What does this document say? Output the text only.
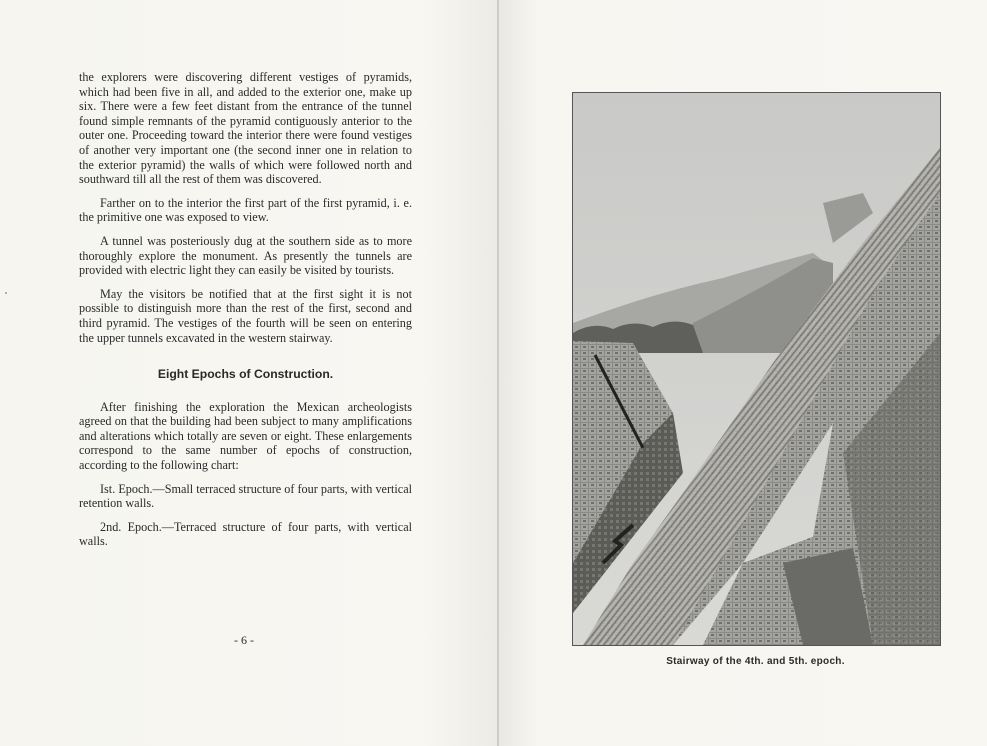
the explorers were discovering different vestiges of pyramids, which had been five in all, and added to the exterior one, make up six. There were a few feet distant from the entrance of the tunnel found simple remnants of the pyramid contiguously anterior to the outer one. Proceeding toward the interior there were found vestiges of another very important one (the second inner one in relation to the exterior pyramid) the walls of which were followed north and southward till all the rest of them was discovered.

Farther on to the interior the first part of the first pyramid, i. e. the primitive one was exposed to view.

A tunnel was posteriously dug at the southern side as to more thoroughly explore the monument. As presently the tunnels are provided with electric light they can easily be visited by tourists.

May the visitors be notified that at the first sight it is not possible to distinguish more than the rest of the first, second and third pyramid. The vestiges of the fourth will be seen on entering the upper tunnels excavated in the western stairway.

Eight Epochs of Construction.

After finishing the exploration the Mexican archeologists agreed on that the building had been subject to many amplifications and alterations which totally are seven or eight. These enlargements correspond to the same number of epochs of construction, according to the following chart:

Ist. Epoch.—Small terraced structure of four parts, with vertical retention walls.

2nd. Epoch.—Terraced structure of four parts, with vertical walls.

- 6 -
Stairway of the 4th. and 5th. epoch.
